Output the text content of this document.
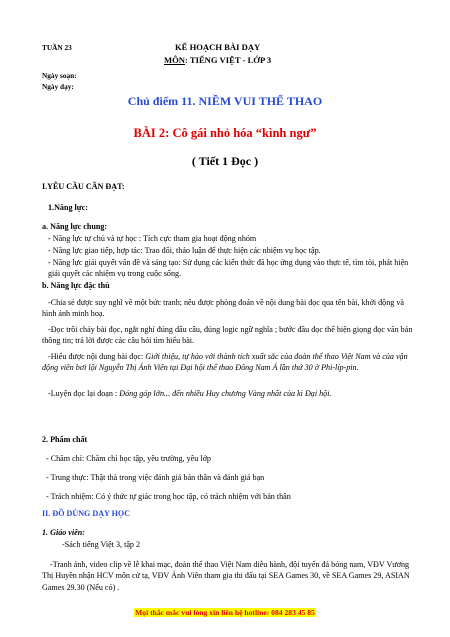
TUẦN 23	KẾ HOẠCH BÀI DẠY
MÔN: TIẾNG VIỆT - LỚP 3
Ngày soạn:
Ngày dạy:
Chủ điểm 11. NIỀM VUI THỂ THAO
BÀI 2: Cô gái nhỏ hóa “kình ngư”
( Tiết 1 Đọc )
I.YÊU CẦU CẦN ĐẠT:
1.Năng lực:
a. Năng lực chung:
- Năng lực tự chủ và tự học : Tích cực tham gia hoạt động nhóm
- Năng lực giao tiếp, hợp tác: Trao đổi, thảo luận để thực hiện các nhiệm vụ học tập.
- Năng lực giải quyết vấn đề và sáng tạo: Sử dụng các kiến thức đã học ứng dụng vào thực tế, tìm tòi, phát hiện giải quyết các nhiệm vụ trong cuộc sống.
b. Năng lực đặc thù
-Chia sẻ được suy nghĩ về một bức tranh; nêu được phỏng đoán về nội dung bài đọc qua tên bài, khởi động và hình ảnh minh hoạ.
-Đọc trôi chảy bài đọc, ngắt nghỉ đúng dấu câu, đúng logic ngữ nghĩa ; bước đầu đọc thể hiện giọng đọc văn bản thông tin; trả lời được các câu hỏi tìm hiểu bài.
-Hiểu được nội dung bài đọc: Giới thiệu, tự hào với thành tích xuất sắc của đoàn thể thao Việt Nam và của vận động viên bơi lội Nguyễn Thị Ánh Viên tại Đại hội thể thao Đông Nam Á lần thứ 30 ở Phi-líp-pin.
-Luyện đọc lại đoạn : Đóng góp lớn... đến nhiều Huy chương Vàng nhất của kì Đại hội.
2. Phẩm chất
- Chăm chỉ: Chăm chỉ học tập, yêu trường, yêu lớp
- Trung thực: Thật thà trong việc đánh giá bản thân và đánh giá bạn
- Trách nhiệm: Có ý thức tự giác trong học tập, có trách nhiệm với bản thân
II. ĐỒ DÙNG DẠY HỌC
1. Giáo viên:
-Sách tiếng Việt 3, tập 2
-Tranh ảnh, video clip về lễ khai mạc, đoàn thể thao Việt Nam diễu hành, đội tuyển đá bóng nam, VĐV Vương Thị Huyền nhận HCV môn cử tạ, VĐV Ánh Viên tham gia thi đấu tại SEA Games 30, về SEA Games 29, ASIAN Games 29.30 (Nếu có) .
Mọi thắc mắc vui lòng xin liên hệ hotline: 084 283 45 85
